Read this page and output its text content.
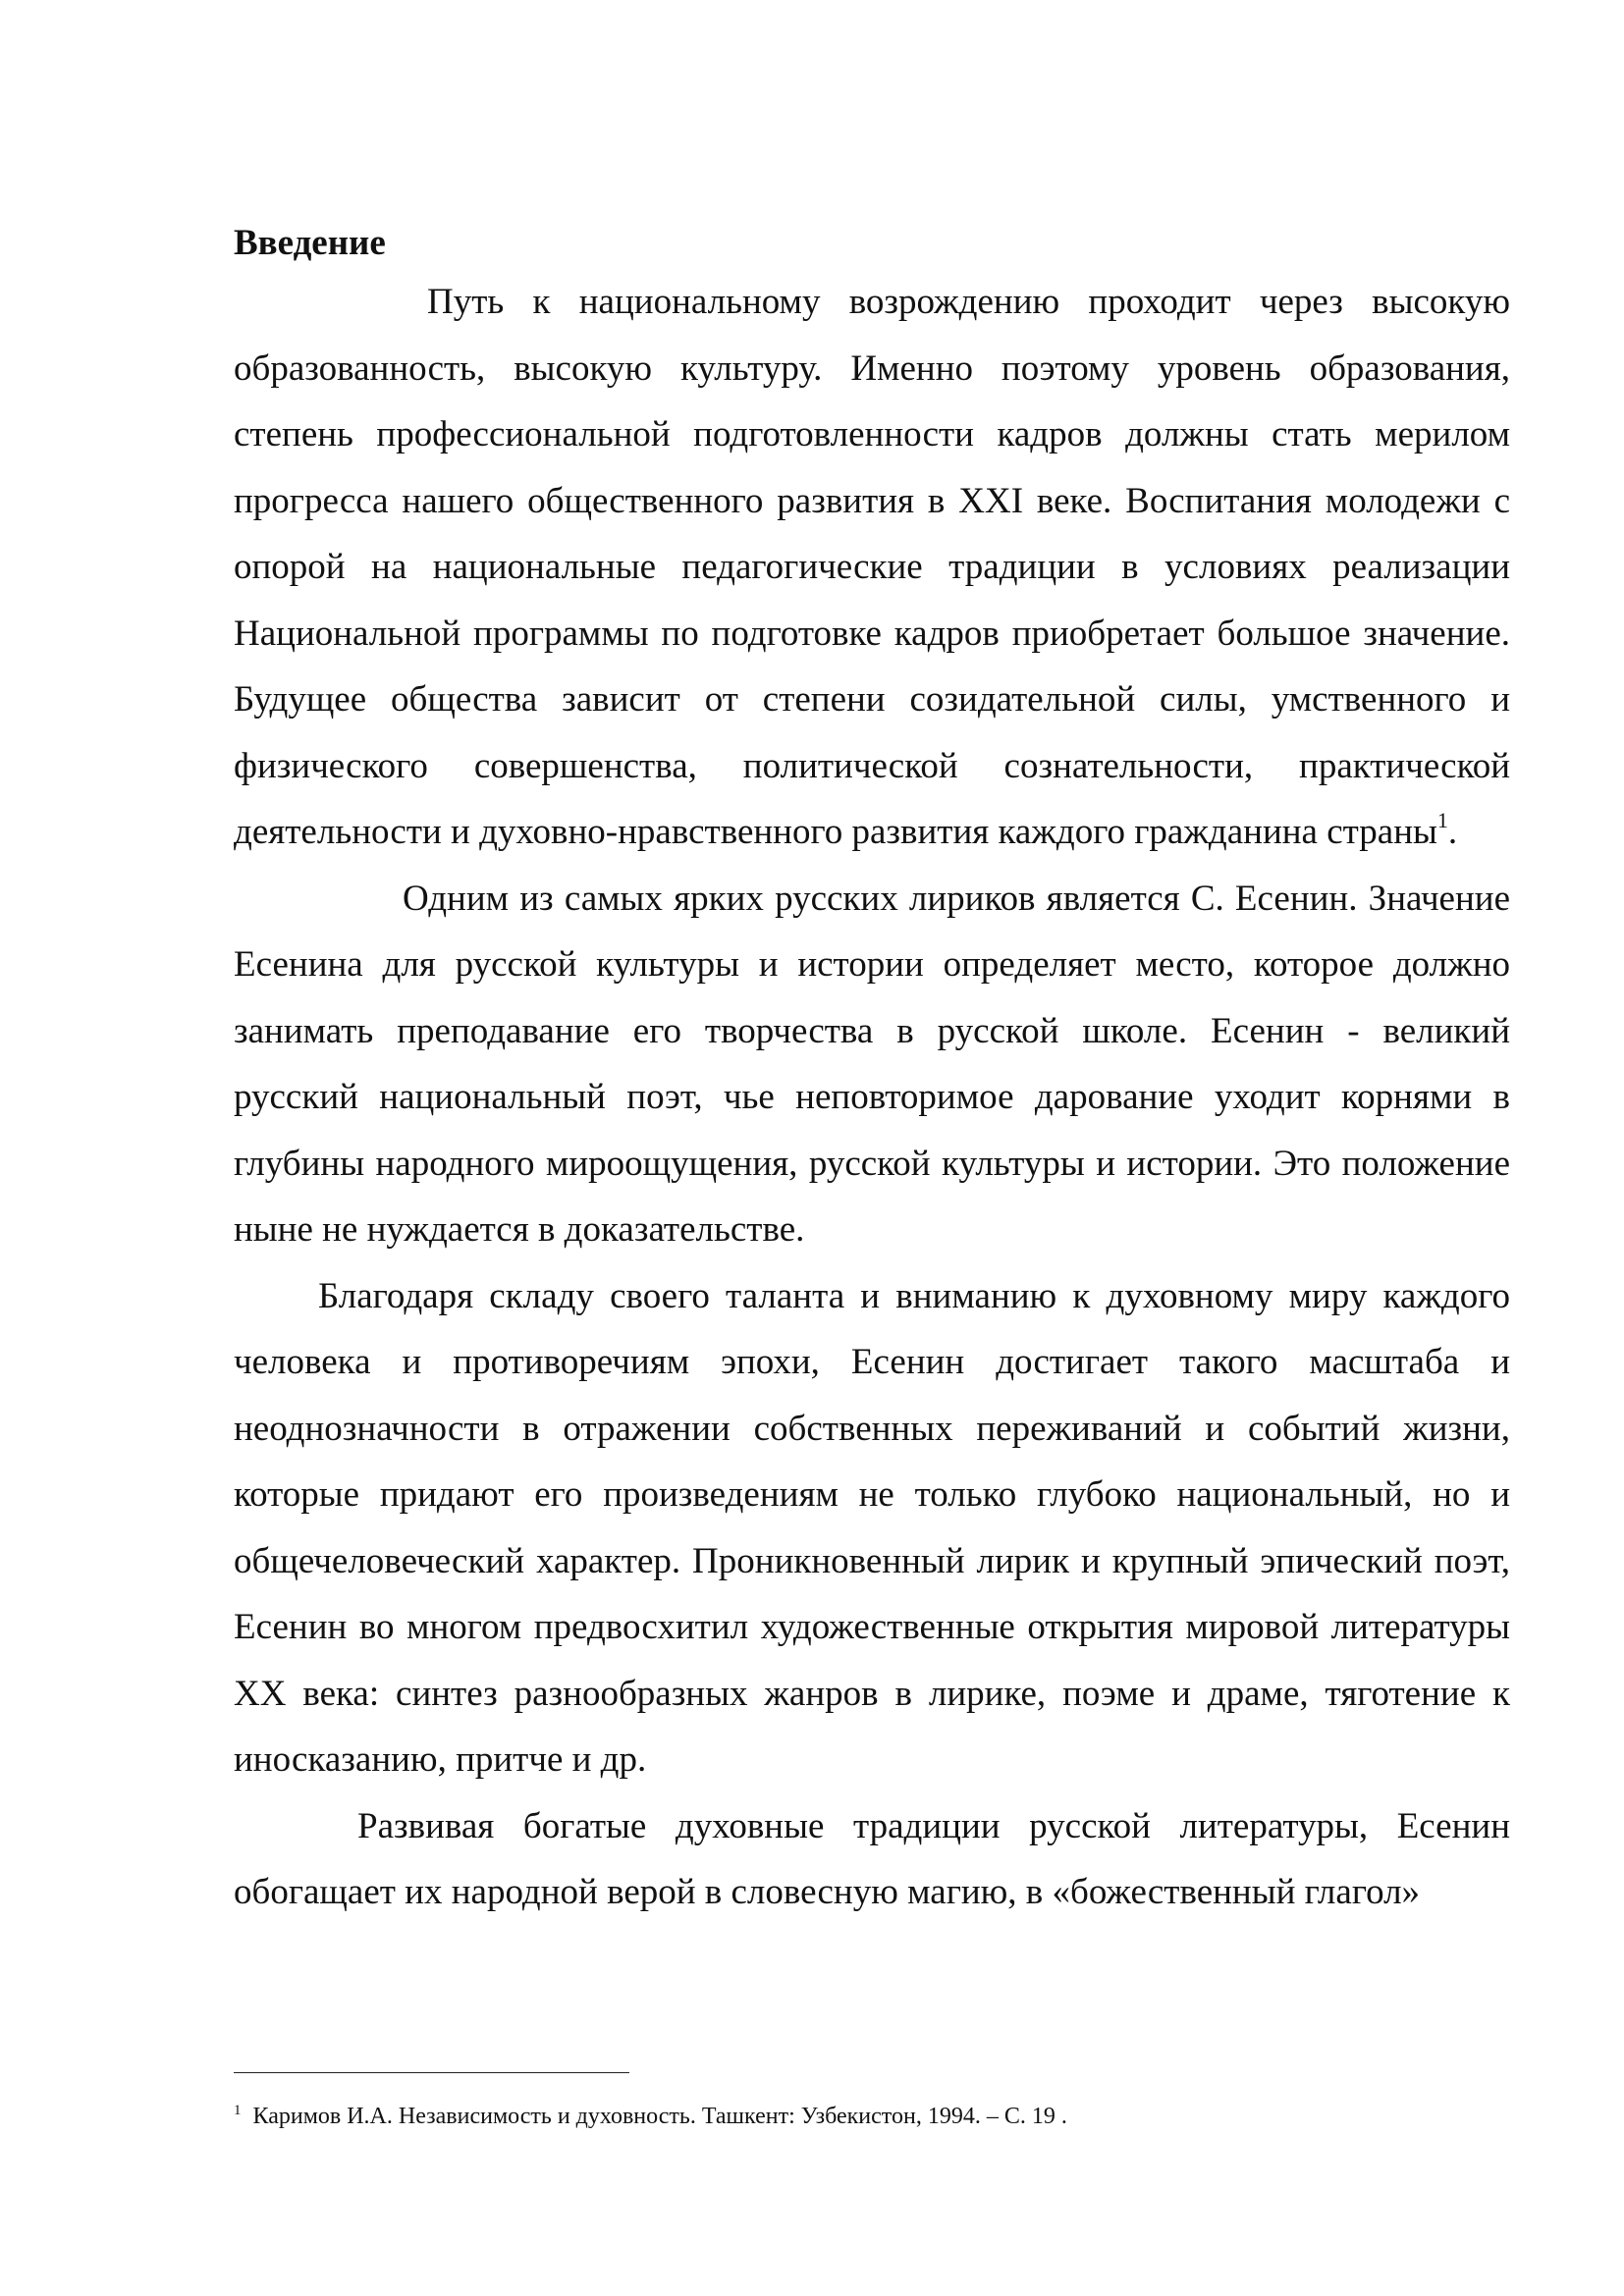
Введение

Путь к национальному возрождению проходит через высокую образованность, высокую культуру. Именно поэтому уровень образования, степень профессиональной подготовленности кадров должны стать мерилом прогресса нашего общественного развития в XXI веке. Воспитания молодежи с опорой на национальные педагогические традиции в условиях реализации Национальной программы по подготовке кадров приобретает большое значение. Будущее общества зависит от степени созидательной силы, умственного и физического совершенства, политической сознательности, практической деятельности и духовно-нравственного развития каждого гражданина страны$^1$.

Одним из самых ярких русских лириков является С. Есенин. Значение Есенина для русской культуры и истории определяет место, которое должно занимать преподавание его творчества в русской школе. Есенин - великий русский национальный поэт, чье неповторимое дарование уходит корнями в глубины народного мироощущения, русской культуры и истории. Это положение ныне не нуждается в доказательстве.

Благодаря складу своего таланта и вниманию к духовному миру каждого человека и противоречиям эпохи, Есенин достигает такого масштаба и неоднозначности в отражении собственных переживаний и событий жизни, которые придают его произведениям не только глубоко национальный, но и общечеловеческий характер. Проникновенный лирик и крупный эпический поэт, Есенин во многом предвосхитил художественные открытия мировой литературы XX века: синтез разнообразных жанров в лирике, поэме и драме, тяготение к иносказанию, притче и др.

Развивая богатые духовные традиции русской литературы, Есенин обогащает их народной верой в словесную магию, в «божественный глагол»

$^1$ Каримов И.А. Независимость и духовность. Ташкент: Узбекистон, 1994. – С. 19 .
